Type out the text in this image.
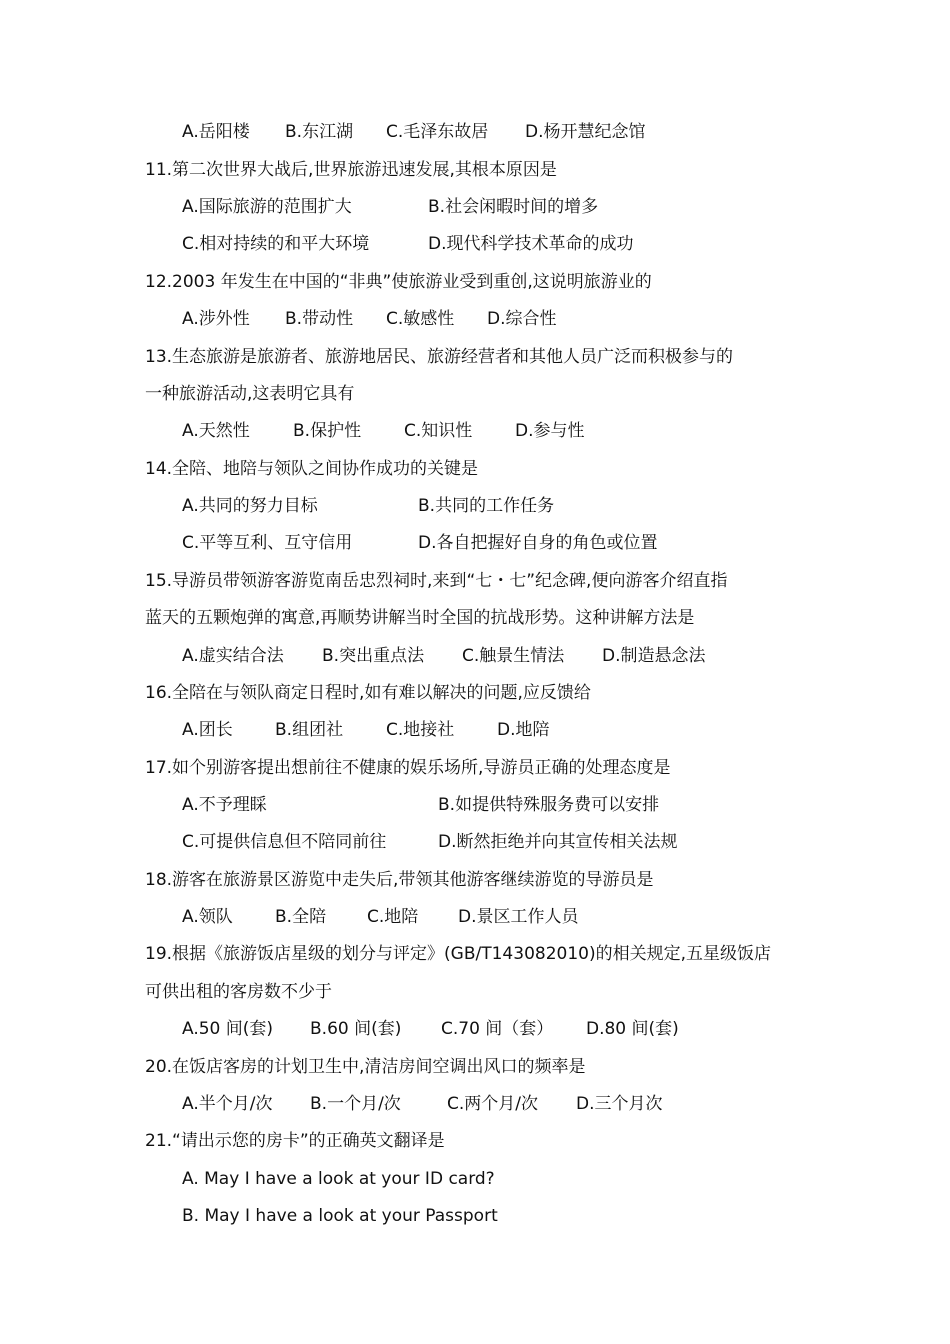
A.岳阳楼 B.东江湖 C.毛泽东故居 D.杨开慧纪念馆
11.第二次世界大战后,世界旅游迅速发展,其根本原因是
A.国际旅游的范围扩大	B.社会闲暇时间的增多
C.相对持续的和平大环境	D.现代科学技术革命的成功
12.2003 年发生在中国的“非典”使旅游业受到重创,这说明旅游业的
A.涉外性 B.带动性 C.敏感性 D.综合性
13.生态旅游是旅游者、旅游地居民、旅游经营者和其他人员广泛而积极参与的
一种旅游活动,这表明它具有
A.天然性	B.保护性	C.知识性	D.参与性
14.全陪、地陪与领队之间协作成功的关键是
A.共同的努力目标	B.共同的工作任务
C.平等互利、互守信用	D.各自把握好自身的角色或位置
15.导游员带领游客游览南岳忠烈祠时,来到“七・七”纪念碑,便向游客介绍直指
蓝天的五颗炮弹的寓意,再顺势讲解当时全国的抗战形势。这种讲解方法是
A.虚实结合法 B.突出重点法 C.触景生情法 D.制造悬念法
16.全陪在与领队商定日程时,如有难以解决的问题,应反馈给
A.团长 B.组团社	C.地接社	D.地陪
17.如个别游客提出想前往不健康的娱乐场所,导游员正确的处理态度是
A.不予理睬	B.如提供特殊服务费可以安排
C.可提供信息但不陪同前往	D.断然拒绝并向其宣传相关法规
18.游客在旅游景区游览中走失后,带领其他游客继续游览的导游员是
A.领队 B.全陪 C.地陪 D.景区工作人员
19.根据《旅游饭店星级的划分与评定》(GB/T143082010)的相关规定,五星级饭店
可供出租的客房数不少于
A.50 间(套) B.60 间(套) C.70 间（套） D.80 间(套)
20.在饭店客房的计划卫生中,清洁房间空调出风口的频率是
A.半个月/次 B.一个月/次	C.两个月/次 D.三个月次
21.“请出示您的房卡”的正确英文翻译是
A. May I have a look at your ID card?
B. May I have a look at your Passport
